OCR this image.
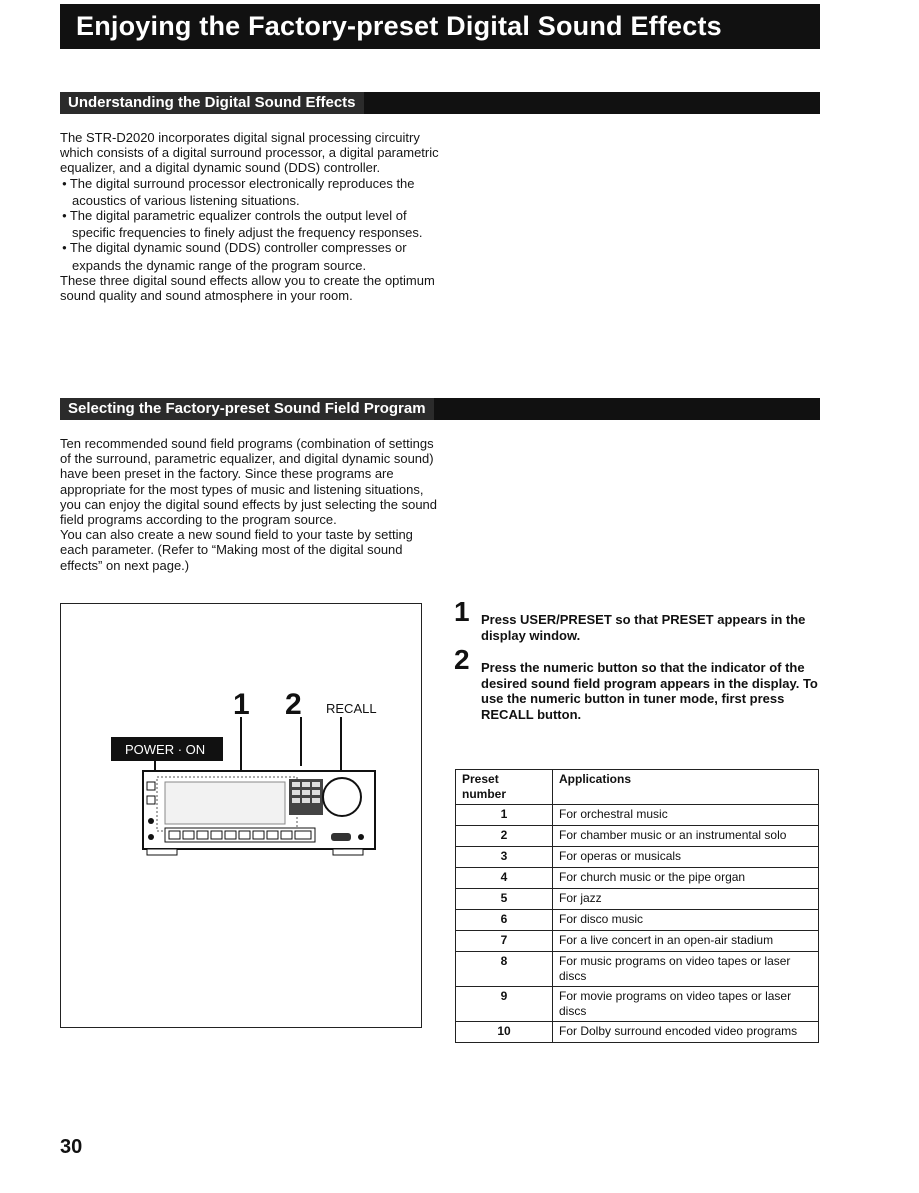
Enjoying the Factory-preset Digital Sound Effects
Understanding the Digital Sound Effects

The STR-D2020 incorporates digital signal processing circuitry which consists of a digital surround processor, a digital parametric equalizer, and a digital dynamic sound (DDS) controller.

● The digital surround processor electronically reproduces the acoustics of various listening situations.
● The digital parametric equalizer controls the output level of specific frequencies to finely adjust the frequency responses.
● The digital dynamic sound (DDS) controller compresses or expands the dynamic range of the program source.

These three digital sound effects allow you to create the optimum sound quality and sound atmosphere in your room.

Selecting the Factory-preset Sound Field Program

Ten recommended sound field programs (combination of settings of the surround, parametric equalizer, and digital dynamic sound) have been preset in the factory. Since these programs are appropriate for the most types of music and listening situations, you can enjoy the digital sound effects by just selecting the sound field programs according to the program source.

You can also create a new sound field to your taste by setting each parameter. (Refer to “Making most of the digital sound effects” on next page.)

1 2 RECALL
POWER · ON
1 Press USER/PRESET so that PRESET appears in the display window.
2 Press the numeric button so that the indicator of the desired sound field program appears in the display. To use the numeric button in tuner mode, first press RECALL button.
Preset number	Applications
1	For orchestral music
2	For chamber music or an instrumental solo
3	For operas or musicals
4	For church music or the pipe organ
5	For jazz
6	For disco music
7	For a live concert in an open-air stadium
8	For music programs on video tapes or laser discs
9	For movie programs on video tapes or laser discs
10	For Dolby surround encoded video programs
30
